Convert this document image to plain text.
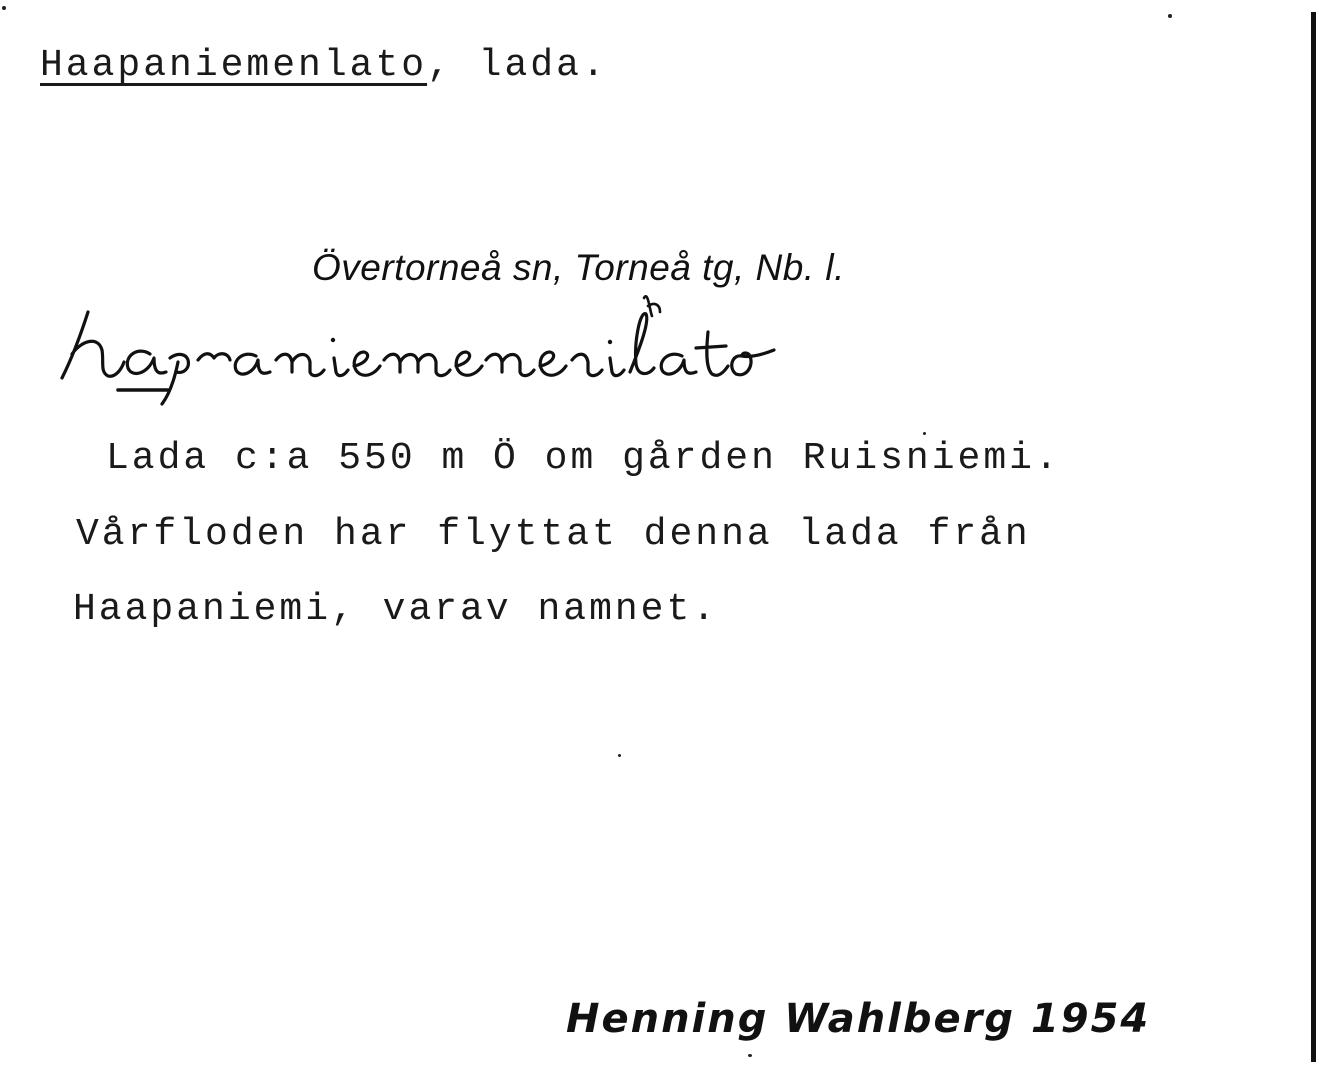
Haapaniemenlato, lada.
Övertorneå sn, Torneå tg, Nb. l.
Lada c:a 550 m Ö om gården Ruisniemi.
Vårfloden har flyttat denna lada från
Haapaniemi, varav namnet.
Henning Wahlberg 1954
